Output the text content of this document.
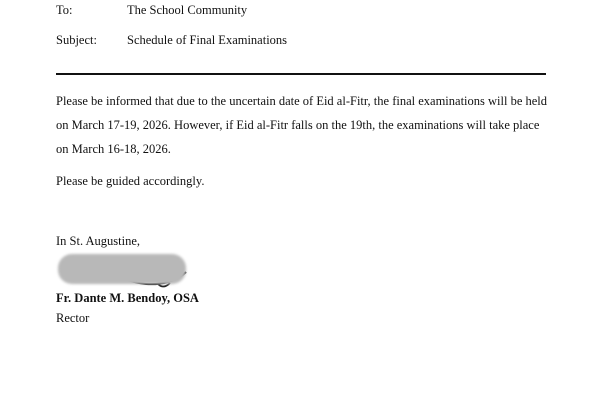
To:	The School Community
Subject: Schedule of Final Examinations
Please be informed that due to the uncertain date of Eid al-Fitr, the final examinations will be held on March 17-19, 2026. However, if Eid al-Fitr falls on the 19th, the examinations will take place on March 16-18, 2026.
Please be guided accordingly.
In St. Augustine,
Fr. Dante M. Bendoy, OSA
Rector
